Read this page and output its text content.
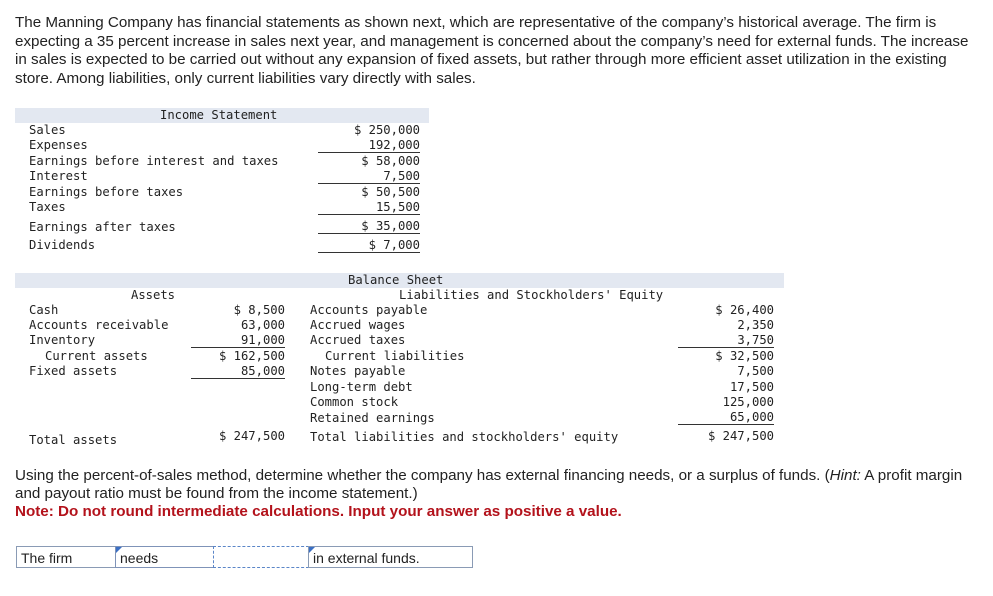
The Manning Company has financial statements as shown next, which are representative of the company’s historical average. The firm is expecting a 35 percent increase in sales next year, and management is concerned about the company’s need for external funds. The increase in sales is expected to be carried out without any expansion of fixed assets, but rather through more efficient asset utilization in the existing store. Among liabilities, only current liabilities vary directly with sales.
Income Statement
Sales	$ 250,000
Expenses	192,000
Earnings before interest and taxes	$ 58,000
Interest	7,500
Earnings before taxes	$ 50,500
Taxes	15,500
Earnings after taxes	$ 35,000
Dividends	$ 7,000
Balance Sheet
Assets	Liabilities and Stockholders' Equity
Cash	$ 8,500
Accounts receivable	63,000
Inventory	91,000
Current assets	$ 162,500
Fixed assets	85,000
Total assets	$ 247,500
Accounts payable	$ 26,400
Accrued wages	2,350
Accrued taxes	3,750
Current liabilities	$ 32,500
Notes payable	7,500
Long-term debt	17,500
Common stock	125,000
Retained earnings	65,000
Total liabilities and stockholders' equity	$ 247,500
Using the percent-of-sales method, determine whether the company has external financing needs, or a surplus of funds. (Hint: A profit margin and payout ratio must be found from the income statement.)
Note: Do not round intermediate calculations. Input your answer as positive a value.
The firm	needs	in external funds.
